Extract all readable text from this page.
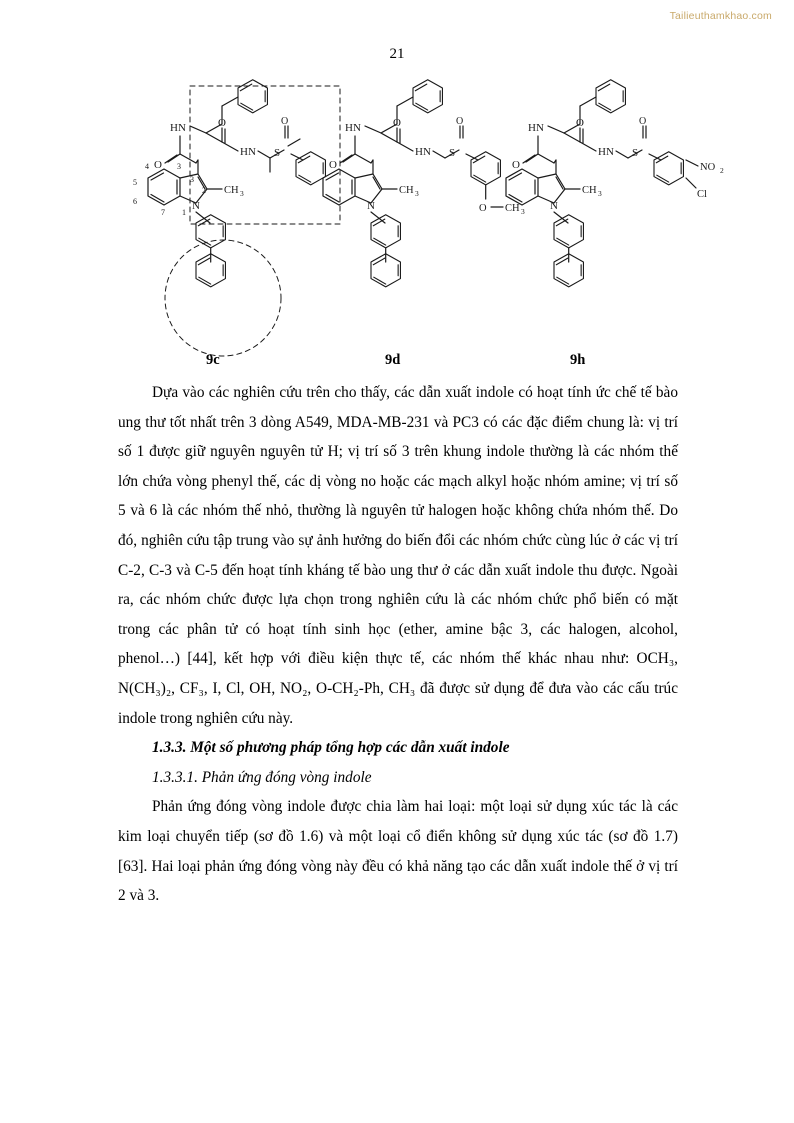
Tailieuthamkhao.com
21
HN
O
O
HN S
O
N
CH 3
4	3
5	3
2
6
7 1
HN
O
O
HN S
O
O CH 3
N
CH 3
HN
O
O
HN S
O
NO 2
Cl
N
CH 3
9c	9d	9h

Dựa vào các nghiên cứu trên cho thấy, các dẫn xuất indole có hoạt tính ức chế tế bào ung thư tốt nhất trên 3 dòng A549, MDA-MB-231 và PC3 có các đặc điểm chung là: vị trí số 1 được giữ nguyên nguyên tử H; vị trí số 3 trên khung indole thường là các nhóm thế lớn chứa vòng phenyl thế, các dị vòng no hoặc các mạch alkyl hoặc nhóm amine; vị trí số 5 và 6 là các nhóm thế nhỏ, thường là nguyên tử halogen hoặc không chứa nhóm thế. Do đó, nghiên cứu tập trung vào sự ảnh hưởng do biến đổi các nhóm chức cùng lúc ở các vị trí C-2, C-3 và C-5 đến hoạt tính kháng tế bào ung thư ở các dẫn xuất indole thu được. Ngoài ra, các nhóm chức được lựa chọn trong nghiên cứu là các nhóm chức phổ biến có mặt trong các phân tử có hoạt tính sinh học (ether, amine bậc 3, các halogen, alcohol, phenol…) [44], kết hợp với điều kiện thực tế, các nhóm thế khác nhau như: OCH₃, N(CH₃)₂, CF₃, I, Cl, OH, NO₂, O-CH₂-Ph, CH₃ đã được sử dụng để đưa vào các cấu trúc indole trong nghiên cứu này.

1.3.3. Một số phương pháp tổng hợp các dẫn xuất indole

1.3.3.1. Phản ứng đóng vòng indole

Phản ứng đóng vòng indole được chia làm hai loại: một loại sử dụng xúc tác là các kim loại chuyển tiếp (sơ đồ 1.6) và một loại cổ điển không sử dụng xúc tác (sơ đồ 1.7) [63]. Hai loại phản ứng đóng vòng này đều có khả năng tạo các dẫn xuất indole thế ở vị trí 2 và 3.
